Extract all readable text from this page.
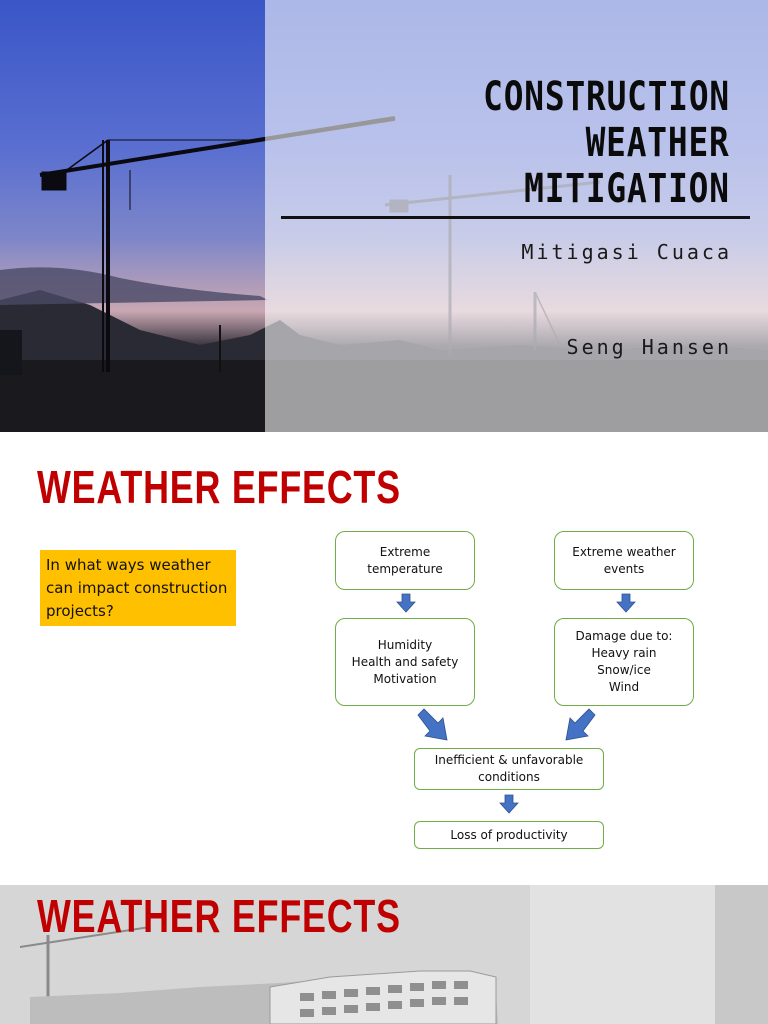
CONSTRUCTION
WEATHER
MITIGATION
Mitigasi Cuaca
Seng Hansen
WEATHER EFFECTS
In what ways weather
can impact construction
projects?
Extreme
temperature
Extreme weather
events
Humidity
Health and safety
Motivation
Damage due to:
Heavy rain
Snow/ice
Wind
Inefficient & unfavorable
conditions
Loss of productivity
WEATHER EFFECTS
